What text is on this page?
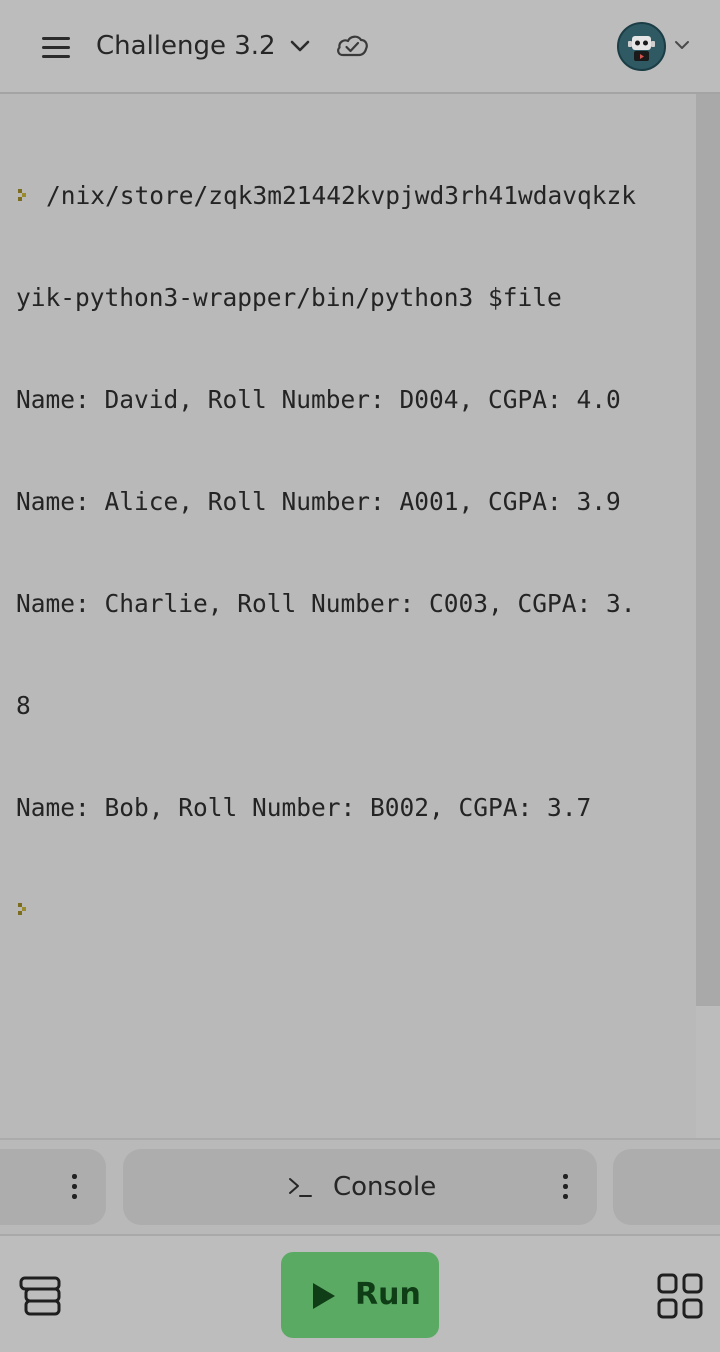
Challenge 3.2

/nix/store/zqk3m21442kvpjwd3rh41wdavqkzk

yik-python3-wrapper/bin/python3 $file

Name: David, Roll Number: D004, CGPA: 4.0

Name: Alice, Roll Number: A001, CGPA: 3.9

Name: Charlie, Roll Number: C003, CGPA: 3.

8

Name: Bob, Roll Number: B002, CGPA: 3.7

Console
Run
